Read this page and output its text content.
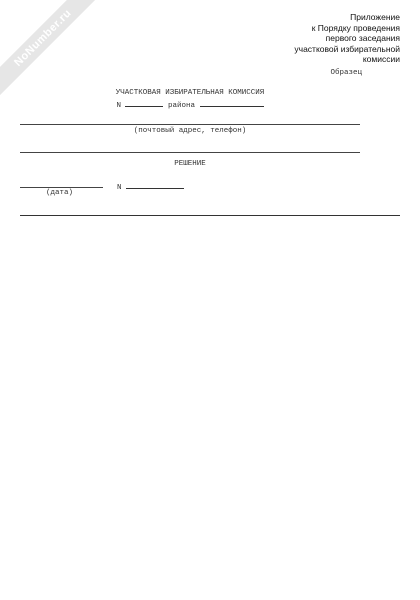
NoNumber.ru	Приложение
к Порядку проведения
первого заседания
участковой избирательной
комиссии
Образец
УЧАСТКОВАЯ ИЗБИРАТЕЛЬНАЯ КОМИССИЯ
N	района
(почтовый адрес, телефон)
РЕШЕНИЕ
(дата)
N
